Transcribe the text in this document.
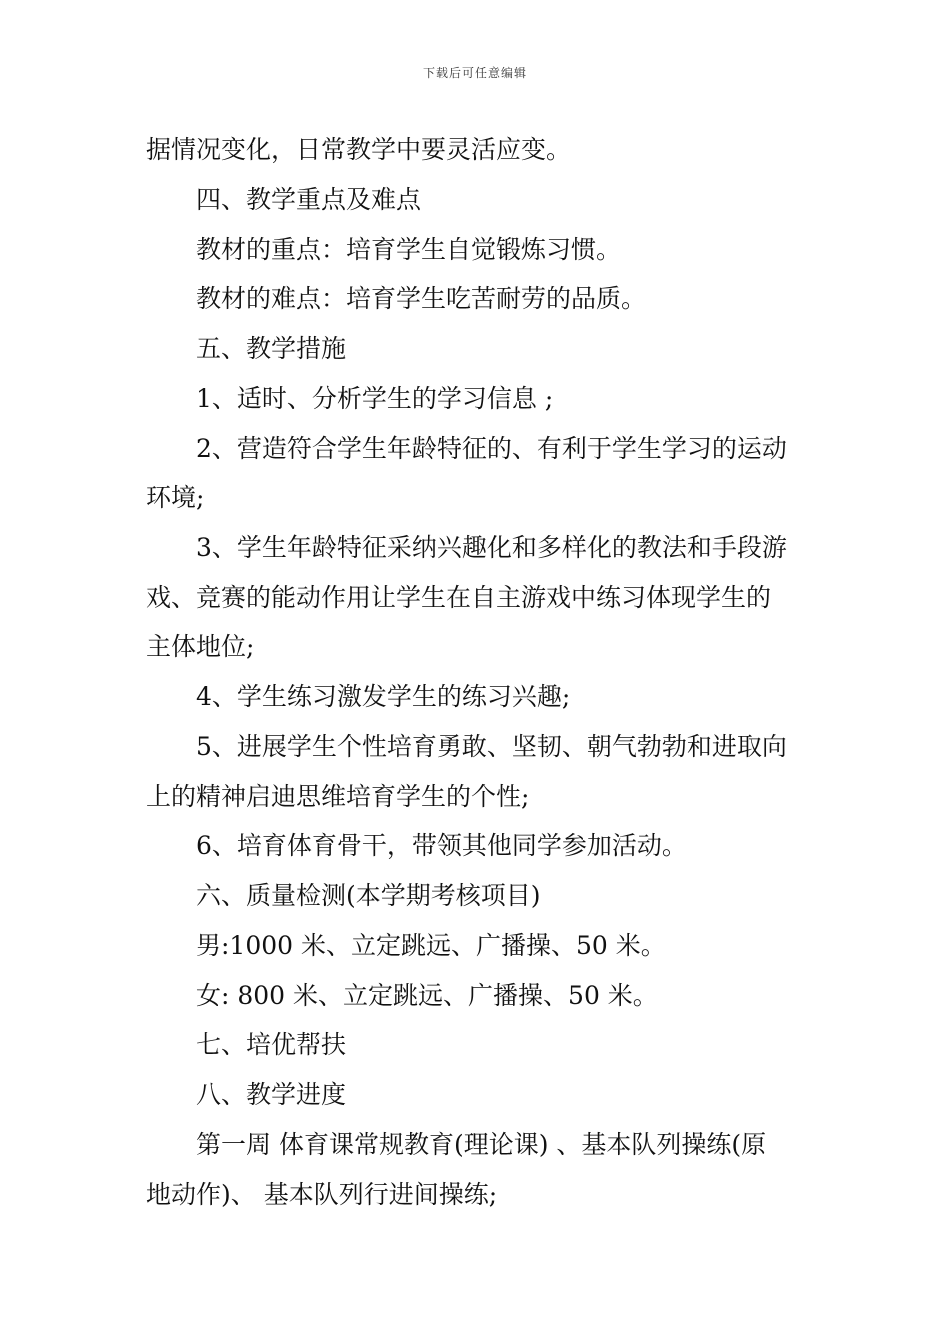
下载后可任意编辑
据情况变化，日常教学中要灵活应变。
四、教学重点及难点
教材的重点：培育学生自觉锻炼习惯。
教材的难点：培育学生吃苦耐劳的品质。
五、教学措施
1、适时、分析学生的学习信息 ;
2、营造符合学生年龄特征的、有利于学生学习的运动
环境;
3、学生年龄特征采纳兴趣化和多样化的教法和手段游
戏、竞赛的能动作用让学生在自主游戏中练习体现学生的
主体地位;
4、学生练习激发学生的练习兴趣;
5、进展学生个性培育勇敢、坚韧、朝气勃勃和进取向
上的精神启迪思维培育学生的个性;
6、培育体育骨干，带领其他同学参加活动。
六、质量检测(本学期考核项目)
男:1000 米、立定跳远、广播操、50 米。
女: 800 米、立定跳远、广播操、50 米。
七、培优帮扶
八、教学进度
第一周 体育课常规教育(理论课) 、基本队列操练(原
地动作)、 基本队列行进间操练;
